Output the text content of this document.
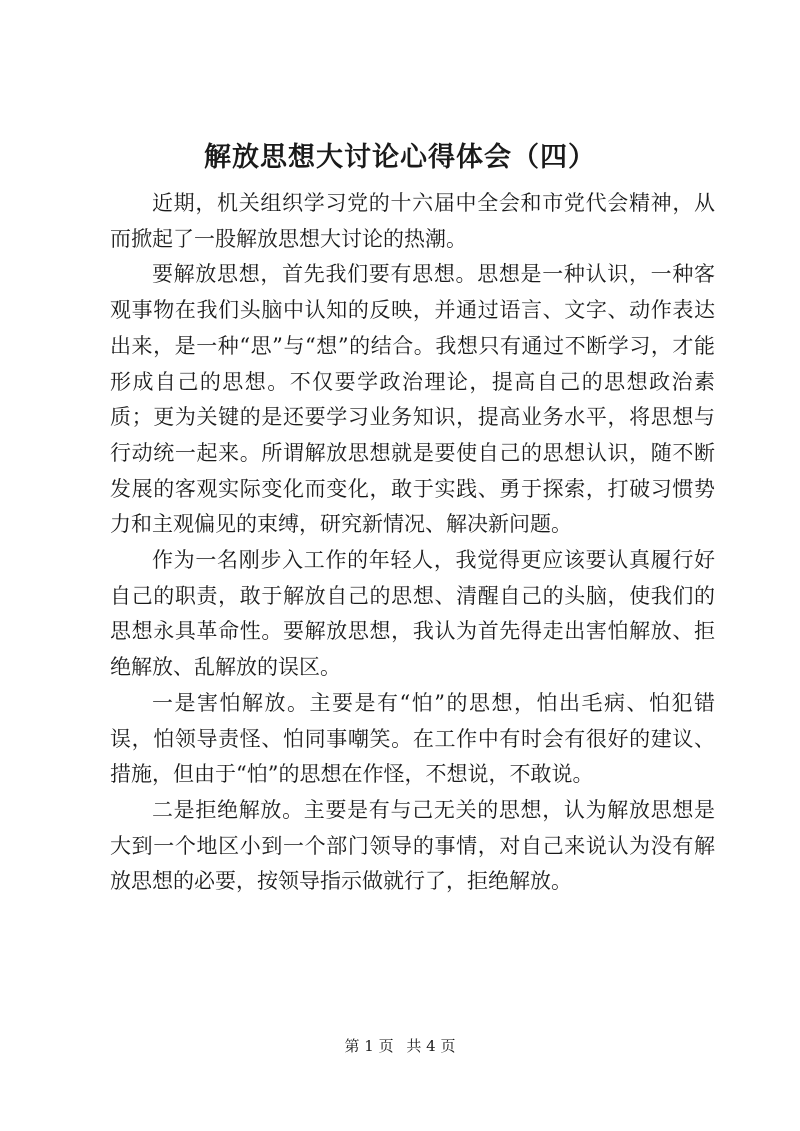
解放思想大讨论心得体会（四）

近期，机关组织学习党的十六届中全会和市党代会精神，从而掀起了一股解放思想大讨论的热潮。

要解放思想，首先我们要有思想。思想是一种认识，一种客观事物在我们头脑中认知的反映，并通过语言、文字、动作表达出来，是一种“思”与“想”的结合。我想只有通过不断学习，才能形成自己的思想。不仅要学政治理论，提高自己的思想政治素质；更为关键的是还要学习业务知识，提高业务水平，将思想与行动统一起来。所谓解放思想就是要使自己的思想认识，随不断发展的客观实际变化而变化，敢于实践、勇于探索，打破习惯势力和主观偏见的束缚，研究新情况、解决新问题。

作为一名刚步入工作的年轻人，我觉得更应该要认真履行好自己的职责，敢于解放自己的思想、清醒自己的头脑，使我们的思想永具革命性。要解放思想，我认为首先得走出害怕解放、拒绝解放、乱解放的误区。

一是害怕解放。主要是有“怕”的思想，怕出毛病、怕犯错误，怕领导责怪、怕同事嘲笑。在工作中有时会有很好的建议、措施，但由于“怕”的思想在作怪，不想说，不敢说。

二是拒绝解放。主要是有与己无关的思想，认为解放思想是大到一个地区小到一个部门领导的事情，对自己来说认为没有解放思想的必要，按领导指示做就行了，拒绝解放。

第 1 页 共 4 页
